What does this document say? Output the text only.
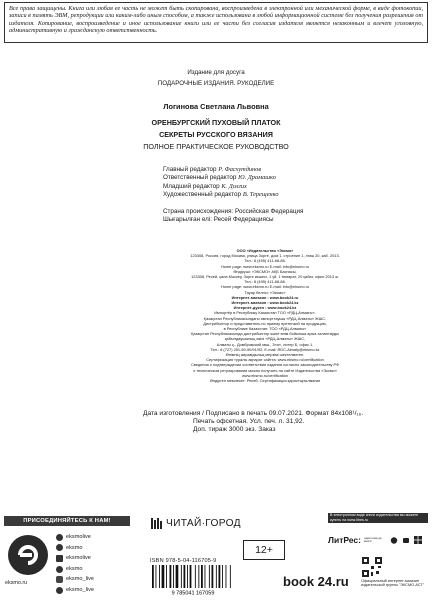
Все права защищены. Книга или любая ее часть не может быть скопирована, воспроизведена в электронной или механической форме, в виде фотокопии, записи в память ЭВМ, репродукции или каким-либо иным способом, а также использована в любой информационной системе без получения разрешения от издателя. Копирование, воспроизведение и иное использование книги или ее части без согласия издателя является незаконным и влечет уголовную, административную и гражданскую ответственность.
Издание для досуга
ПОДАРОЧНЫЕ ИЗДАНИЯ. РУКОДЕЛИЕ
Логинова Светлана Львовна
ОРЕНБУРГСКИЙ ПУХОВЫЙ ПЛАТОК
СЕКРЕТЫ РУССКОГО ВЯЗАНИЯ
ПОЛНОЕ ПРАКТИЧЕСКОЕ РУКОВОДСТВО
Главный редактор Р. Фасхутдинов
Ответственный редактор Ю. Драмашко
Младший редактор К. Долгих
Художественный редактор В. Терещенко
Страна происхождения: Российская Федерация
Шығарылған елі: Ресей Федерациясы
ООО «Издательство «Эксмо»
123308, Россия, город Москва, улица Зорге, дом 1, строение 1, этаж 20, каб. 2013.
Тел.: 8 (495) 411-68-86.
Home page: www.eksmo.ru E-mail: info@eksmo.ru
Өндіруші: «ЭКСМО» АҚБ Баспасы,
123308, Ресей, қала Мәскеу, Зорге көшесі, 1 үй, 1 ғимарат, 20 қабат, офис 2013 ж.
Тел.: 8 (495) 411-68-86.
Home page: www.eksmo.ru E-mail: info@eksmo.ru
Тауар белгісі: «Эксмо»
Интернет-магазин : www.book24.ru
Интернет-магазин : www.book24.kz
Интернет-дүкен : www.book24.kz
Импортёр в Республику Казахстан ТОО «РДЦ-Алматы».
Қазақстан Республикасындағы импорттаушы «РДЦ-Алматы» ЖШС.
Дистрибьютор и представитель по приему претензий на продукцию,
в Республике Казахстан: ТОО «РДЦ-Алматы»
Қазақстан Республикасында дистрибьютор және өнім бойынша арыз-талаптарды
қабылдаушының өкілі «РДЦ-Алматы» ЖШС,
Алматы қ., Домбровский көш., 3«а», литер Б, офис 1.
Тел.: 8 (727) 251-59-90/91/92; E-mail: RDC-Almaty@eksmo.kz
Өнімнің жарамдылық мерзімі шектелмеген.
Сертификация туралы ақпарат сайтта: www.eksmo.ru/certification
Сведения о подтверждении соответствия издания согласно законодательству РФ
о техническом регулировании можно получить на сайте Издательства «Эксмо»
www.eksmo.ru/certification
Өндірген мемлекет: Ресей. Сертификация қарастырылмаған
Дата изготовления / Подписано в печать 09.07.2021. Формат 84x108¹/₁₆.
Печать офсетная. Усл. печ. л. 31,92.
Доп. тираж 3000 экз. Заказ
ПРИСОЕДИНЯЙТЕСЬ К НАМ!
eksmo.ru
eksmolive
eksmo
eksmolive
eksmo
eksmo_live
eksmo_live
ЧИТАЙ·ГОРОД
ISBN 978-5-04-116705-9
9 785041 167059
12+
В электронном виде книги издательства вы можете купить на www.litres.ru
ЛитРес: один клик до книги
book 24.ru	Официальный интернет-магазин издательской группы "ЭКСМО-АСТ"
